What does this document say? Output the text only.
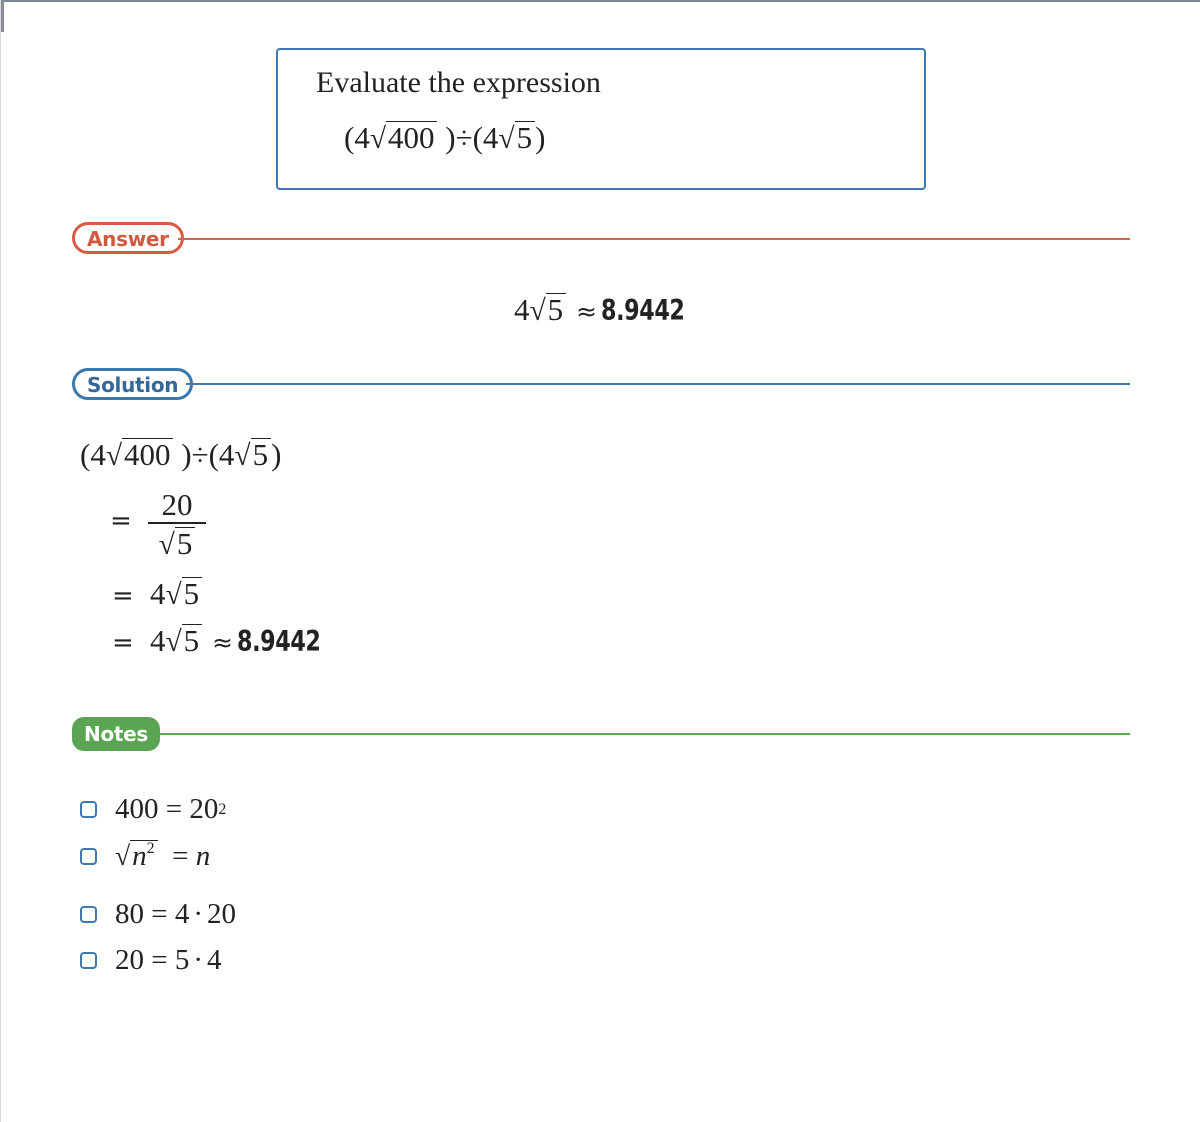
Evaluate the expression
(4√400 )÷(4√5)
Answer
4√5 ≈ 8.9442
Solution
(4√400 )÷(4√5)
= 20
√5
= 4√5
= 4√5 ≈ 8.9442
Notes
400
=
20 2
$√n^2$
=
n
80
=
4 · 20
20
=
5 · 4
